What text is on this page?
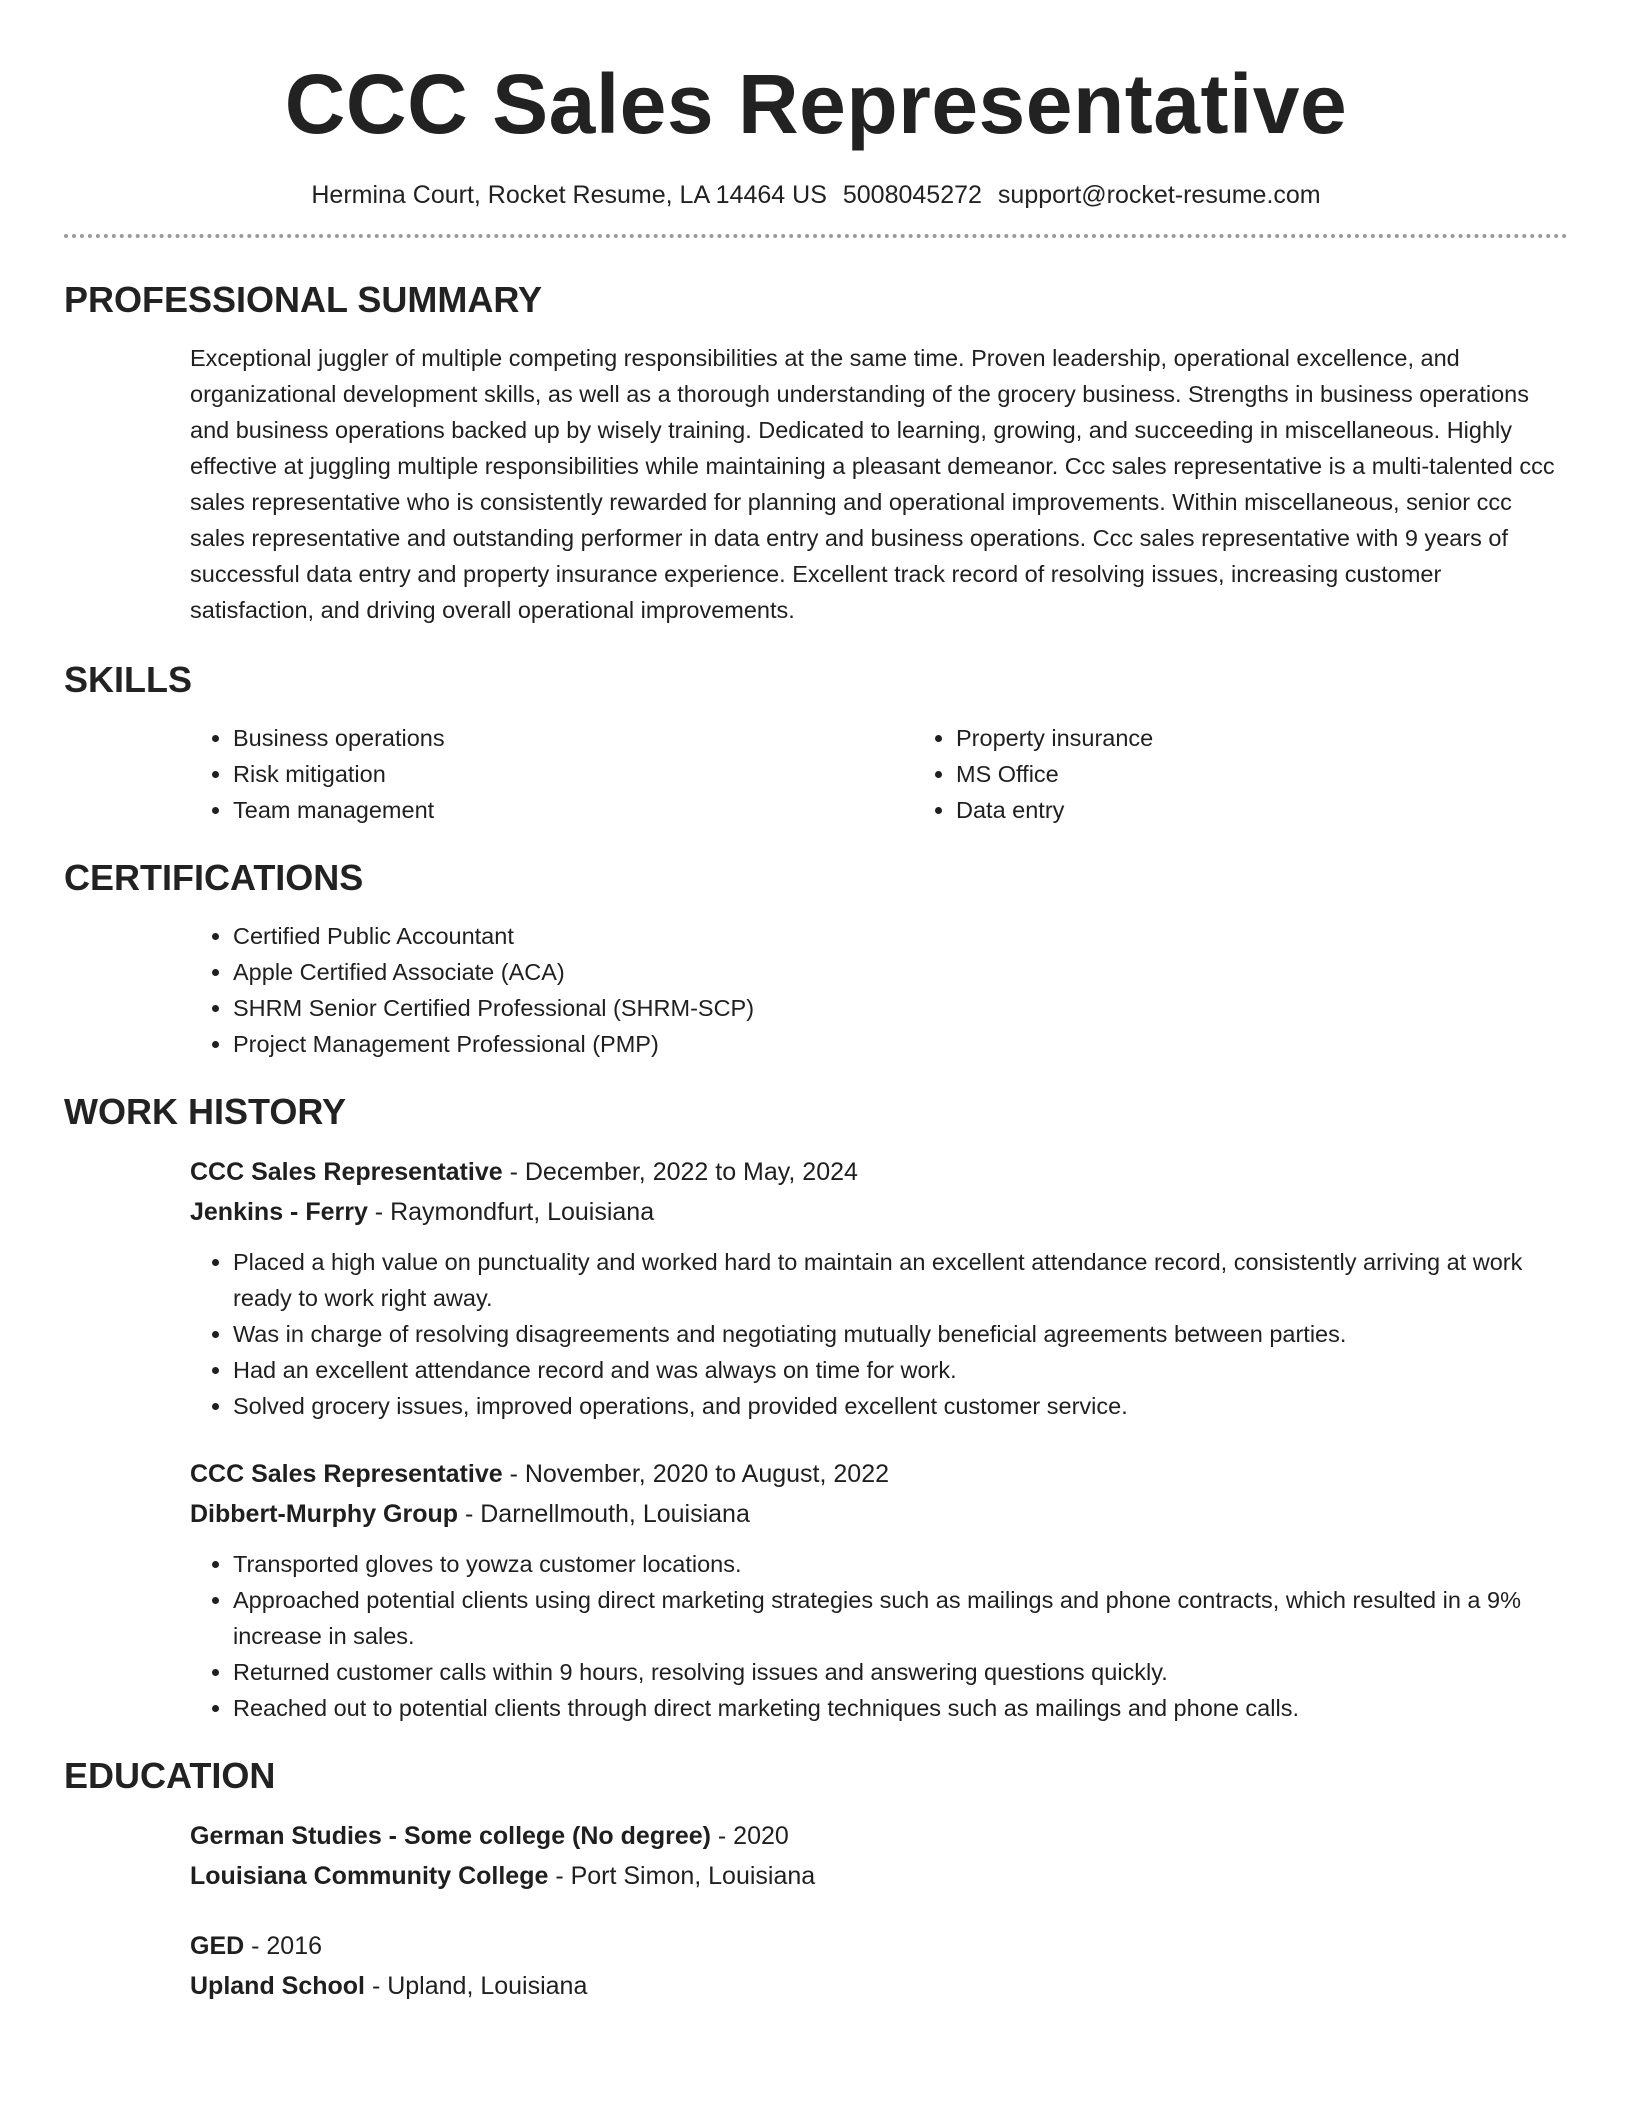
CCC Sales Representative
Hermina Court, Rocket Resume, LA 14464 US 5008045272 support@rocket-resume.com
PROFESSIONAL SUMMARY

Exceptional juggler of multiple competing responsibilities at the same time. Proven leadership, operational excellence, and organizational development skills, as well as a thorough understanding of the grocery business. Strengths in business operations and business operations backed up by wisely training. Dedicated to learning, growing, and succeeding in miscellaneous. Highly effective at juggling multiple responsibilities while maintaining a pleasant demeanor. Ccc sales representative is a multi-talented ccc sales representative who is consistently rewarded for planning and operational improvements. Within miscellaneous, senior ccc sales representative and outstanding performer in data entry and business operations. Ccc sales representative with 9 years of successful data entry and property insurance experience. Excellent track record of resolving issues, increasing customer satisfaction, and driving overall operational improvements.

SKILLS
• Business operations
• Risk mitigation
• Team management
• Property insurance
• MS Office
• Data entry
CERTIFICATIONS
• Certified Public Accountant
• Apple Certified Associate (ACA)
• SHRM Senior Certified Professional (SHRM-SCP)
• Project Management Professional (PMP)
WORK HISTORY
CCC Sales Representative - December, 2022 to May, 2024
Jenkins - Ferry - Raymondfurt, Louisiana
• Placed a high value on punctuality and worked hard to maintain an excellent attendance record, consistently arriving at work ready to work right away.
• Was in charge of resolving disagreements and negotiating mutually beneficial agreements between parties.
• Had an excellent attendance record and was always on time for work.
• Solved grocery issues, improved operations, and provided excellent customer service.
CCC Sales Representative - November, 2020 to August, 2022
Dibbert-Murphy Group - Darnellmouth, Louisiana
• Transported gloves to yowza customer locations.
• Approached potential clients using direct marketing strategies such as mailings and phone contracts, which resulted in a 9% increase in sales.
• Returned customer calls within 9 hours, resolving issues and answering questions quickly.
• Reached out to potential clients through direct marketing techniques such as mailings and phone calls.
EDUCATION
German Studies - Some college (No degree) - 2020
Louisiana Community College - Port Simon, Louisiana
GED - 2016
Upland School - Upland, Louisiana
